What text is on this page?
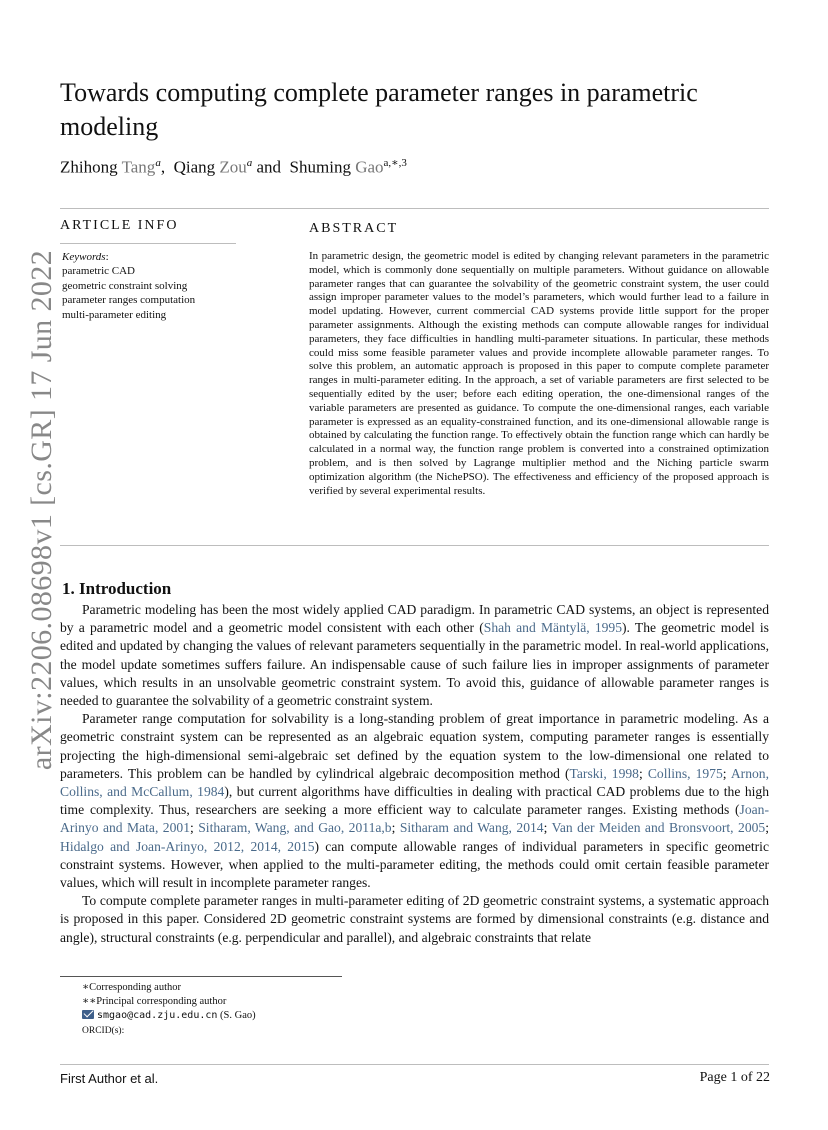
arXiv:2206.08698v1 [cs.GR] 17 Jun 2022
Towards computing complete parameter ranges in parametric modeling
Zhihong Tang$^a$,  Qiang Zou$^a$ and Shuming Gao$^{a,∗,3}$
ARTICLE INFO	ABSTRACT
Keywords:
parametric CAD
geometric constraint solving
parameter ranges computation
multi-parameter editing
In parametric design, the geometric model is edited by changing relevant parameters in the parametric model, which is commonly done sequentially on multiple parameters. Without guidance on allowable parameter ranges that can guarantee the solvability of the geometric constraint system, the user could assign improper parameter values to the model’s parameters, which would further lead to a failure in model updating. However, current commercial CAD systems provide little support for the proper parameter assignments. Although the existing methods can compute allowable ranges for individual parameters, they face difficulties in handling multi-parameter situations. In particular, these methods could miss some feasible parameter values and provide incomplete allowable parameter ranges. To solve this problem, an automatic approach is proposed in this paper to compute complete parameter ranges in multi-parameter editing. In the approach, a set of variable parameters are first selected to be sequentially edited by the user; before each editing operation, the one-dimensional ranges of the variable parameters are presented as guidance. To compute the one-dimensional ranges, each variable parameter is expressed as an equality-constrained function, and its one-dimensional allowable range is obtained by calculating the function range. To effectively obtain the function range which can hardly be calculated in a normal way, the function range problem is converted into a constrained optimization problem, and is then solved by Lagrange multiplier method and the Niching particle swarm optimization algorithm (the NichePSO). The effectiveness and efficiency of the proposed approach is verified by several experimental results.
1. Introduction

Parametric modeling has been the most widely applied CAD paradigm. In parametric CAD systems, an object is represented by a parametric model and a geometric model consistent with each other (Shah and Mäntylä, 1995). The geometric model is edited and updated by changing the values of relevant parameters sequentially in the parametric model. In real-world applications, the model update sometimes suffers failure. An indispensable cause of such failure lies in improper assignments of parameter values, which results in an unsolvable geometric constraint system. To avoid this, guidance of allowable parameter ranges is needed to guarantee the solvability of a geometric constraint system.

Parameter range computation for solvability is a long-standing problem of great importance in parametric modeling. As a geometric constraint system can be represented as an algebraic equation system, computing parameter ranges is essentially projecting the high-dimensional semi-algebraic set defined by the equation system to the low-dimensional one related to parameters. This problem can be handled by cylindrical algebraic decomposition method (Tarski, 1998; Collins, 1975; Arnon, Collins, and McCallum, 1984), but current algorithms have difficulties in dealing with practical CAD problems due to the high time complexity. Thus, researchers are seeking a more efficient way to calculate parameter ranges. Existing methods (Joan-Arinyo and Mata, 2001; Sitharam, Wang, and Gao, 2011a,b; Sitharam and Wang, 2014; Van der Meiden and Bronsvoort, 2005; Hidalgo and Joan-Arinyo, 2012, 2014, 2015) can compute allowable ranges of individual parameters in specific geometric constraint systems. However, when applied to the multi-parameter editing, the methods could omit certain feasible parameter values, which will result in incomplete parameter ranges.

To compute complete parameter ranges in multi-parameter editing of 2D geometric constraint systems, a systematic approach is proposed in this paper. Considered 2D geometric constraint systems are formed by dimensional constraints (e.g. distance and angle), structural constraints (e.g. perpendicular and parallel), and algebraic constraints that relate

∗Corresponding author
∗∗Principal corresponding author
smgao@cad.zju.edu.cn (S. Gao)
ORCID(s):
First Author et al.	Page 1 of 22
